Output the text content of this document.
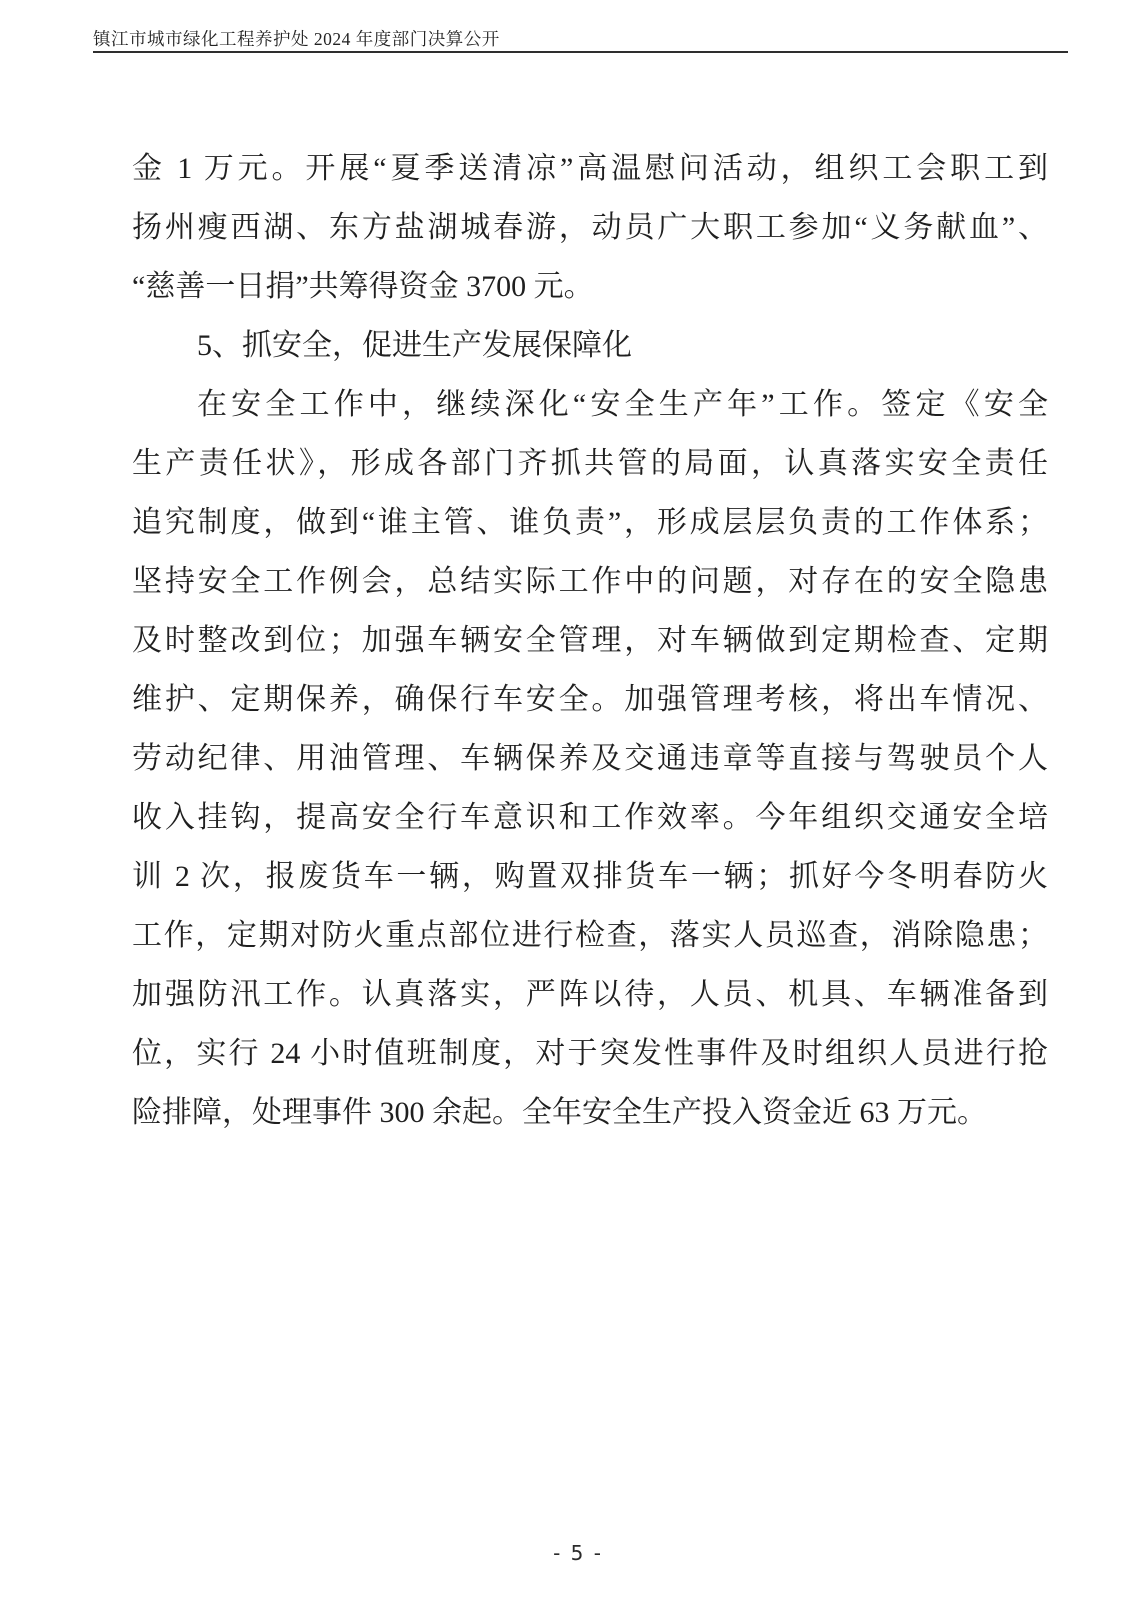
镇江市城市绿化工程养护处 2024 年度部门决算公开
金 1 万元。开展“夏季送清凉”高温慰问活动，组织工会职工到
扬州瘦西湖、东方盐湖城春游，动员广大职工参加“义务献血”、
“慈善一日捐”共筹得资金 3700 元。
5、抓安全，促进生产发展保障化
在安全工作中，继续深化“安全生产年”工作。签定《安全
生产责任状》，形成各部门齐抓共管的局面，认真落实安全责任
追究制度，做到“谁主管、谁负责”，形成层层负责的工作体系；
坚持安全工作例会，总结实际工作中的问题，对存在的安全隐患
及时整改到位；加强车辆安全管理，对车辆做到定期检查、定期
维护、定期保养，确保行车安全。加强管理考核，将出车情况、
劳动纪律、用油管理、车辆保养及交通违章等直接与驾驶员个人
收入挂钩，提高安全行车意识和工作效率。今年组织交通安全培
训 2 次，报废货车一辆，购置双排货车一辆；抓好今冬明春防火
工作，定期对防火重点部位进行检查，落实人员巡查，消除隐患；
加强防汛工作。认真落实，严阵以待，人员、机具、车辆准备到
位，实行 24 小时值班制度，对于突发性事件及时组织人员进行抢
险排障，处理事件 300 余起。全年安全生产投入资金近 63 万元。
- 5 -
